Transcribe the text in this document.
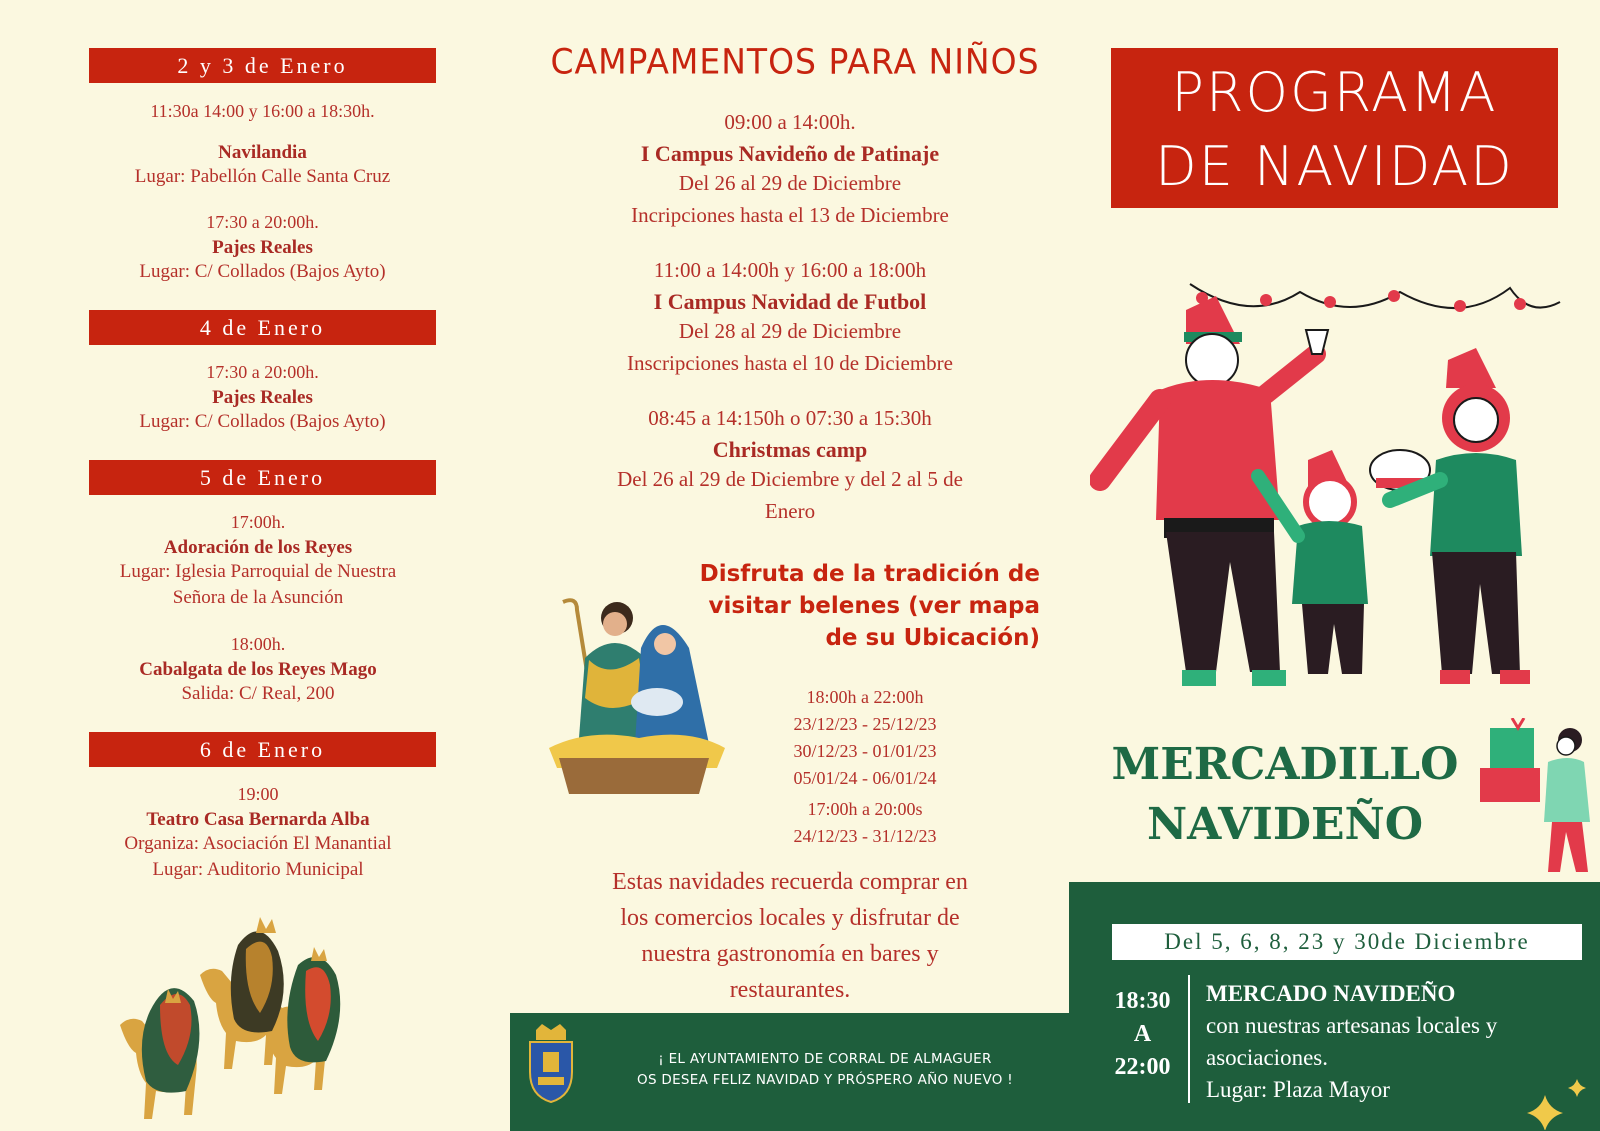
2 y 3 de Enero
11:30a 14:00 y 16:00 a 18:30h.
Navilandia
Lugar: Pabellón Calle Santa Cruz
17:30 a 20:00h.
Pajes Reales
Lugar: C/ Collados (Bajos Ayto)
4 de Enero
17:30 a 20:00h.
Pajes Reales
Lugar: C/ Collados (Bajos Ayto)
5 de Enero
17:00h.
Adoración de los Reyes
Lugar: Iglesia Parroquial de Nuestra
Señora de la Asunción
18:00h.
Cabalgata de los Reyes Mago
Salida: C/ Real, 200
6 de Enero
19:00
Teatro Casa Bernarda Alba
Organiza: Asociación El Manantial
Lugar: Auditorio Municipal
CAMPAMENTOS PARA NIÑOS
09:00 a 14:00h.
I Campus Navideño de Patinaje
Del 26 al 29 de Diciembre
Incripciones hasta el 13 de Diciembre
11:00 a 14:00h y 16:00 a 18:00h
I Campus Navidad de Futbol
Del 28 al 29 de Diciembre
Inscripciones hasta el 10 de Diciembre
08:45 a 14:150h o 07:30 a 15:30h
Christmas camp
Del 26 al 29 de Diciembre y del 2 al 5 de
Enero
Disfruta de la tradición de
visitar belenes (ver mapa
de su Ubicación)
18:00h a 22:00h
23/12/23 - 25/12/23
30/12/23 - 01/01/23
05/01/24 - 06/01/24
17:00h a 20:00s
24/12/23 - 31/12/23
Estas navidades recuerda comprar en
los comercios locales y disfrutar de
nuestra gastronomía en bares y
restaurantes.
¡ EL AYUNTAMIENTO DE CORRAL DE ALMAGUER
OS DESEA FELIZ NAVIDAD Y PRÓSPERO AÑO NUEVO !
PROGRAMA
DE NAVIDAD
MERCADILLO
NAVIDEÑO
Del 5, 6, 8, 23 y 30de Diciembre
18:30
A
22:00
MERCADO NAVIDEÑO
con nuestras artesanas locales y
asociaciones.
Lugar: Plaza Mayor
